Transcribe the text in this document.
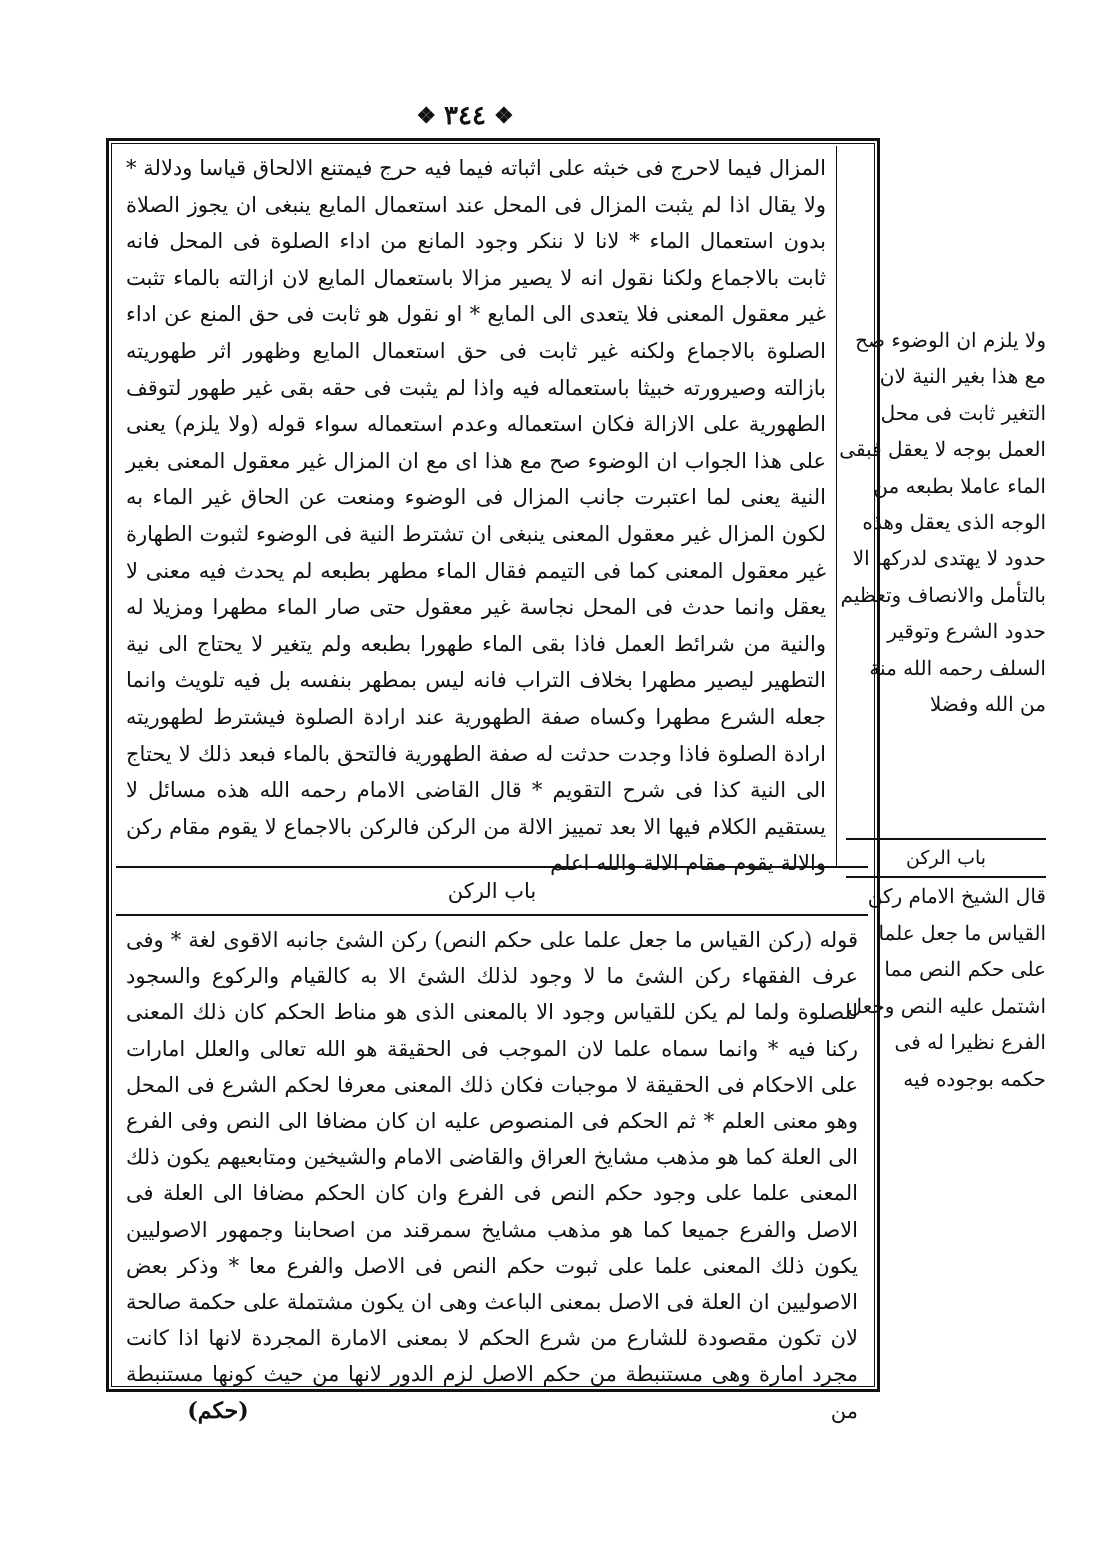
❖
٣٤٤
❖

المزال فيما لاحرج فى خبثه على اثباته فيما فيه حرج فيمتنع الالحاق قياسا ودلالة * ولا يقال اذا لم يثبت المزال فى المحل عند استعمال المايع ينبغى ان يجوز الصلاة بدون استعمال الماء * لانا لا ننكر وجود المانع من اداء الصلوة فى المحل فانه ثابت بالاجماع ولكنا نقول انه لا يصير مزالا باستعمال المايع لان ازالته بالماء تثبت غير معقول المعنى فلا يتعدى الى المايع * او نقول هو ثابت فى حق المنع عن اداء الصلوة بالاجماع ولكنه غير ثابت فى حق استعمال المايع وظهور اثر طهوريته بازالته وصيرورته خبيثا باستعماله فيه واذا لم يثبت فى حقه بقى غير طهور لتوقف الطهورية على الازالة فكان استعماله وعدم استعماله سواء قوله (ولا يلزم) يعنى على هذا الجواب ان الوضوء صح مع هذا اى مع ان المزال غير معقول المعنى بغير النية يعنى لما اعتبرت جانب المزال فى الوضوء ومنعت عن الحاق غير الماء به لكون المزال غير معقول المعنى ينبغى ان تشترط النية فى الوضوء لثبوت الطهارة غير معقول المعنى كما فى التيمم فقال الماء مطهر بطبعه لم يحدث فيه معنى لا يعقل وانما حدث فى المحل نجاسة غير معقول حتى صار الماء مطهرا ومزيلا له والنية من شرائط العمل فاذا بقى الماء طهورا بطبعه ولم يتغير لا يحتاج الى نية التطهير ليصير مطهرا بخلاف التراب فانه ليس بمطهر بنفسه بل فيه تلويث وانما جعله الشرع مطهرا وكساه صفة الطهورية عند ارادة الصلوة فيشترط لطهوريته ارادة الصلوة فاذا وجدت حدثت له صفة الطهورية فالتحق بالماء فبعد ذلك لا يحتاج الى النية كذا فى شرح التقويم * قال القاضى الامام رحمه الله هذه مسائل لا يستقيم الكلام فيها الا بعد تمييز الالة من الركن فالركن بالاجماع لا يقوم مقام ركن والالة يقوم مقام الالة والله اعلم

باب الركن

قوله (ركن القياس ما جعل علما على حكم النص) ركن الشئ جانبه الاقوى لغة * وفى عرف الفقهاء ركن الشئ ما لا وجود لذلك الشئ الا به كالقيام والركوع والسجود للصلوة ولما لم يكن للقياس وجود الا بالمعنى الذى هو مناط الحكم كان ذلك المعنى ركنا فيه * وانما سماه علما لان الموجب فى الحقيقة هو الله تعالى والعلل امارات على الاحكام فى الحقيقة لا موجبات فكان ذلك المعنى معرفا لحكم الشرع فى المحل وهو معنى العلم * ثم الحكم فى المنصوص عليه ان كان مضافا الى النص وفى الفرع الى العلة كما هو مذهب مشايخ العراق والقاضى الامام والشيخين ومتابعيهم يكون ذلك المعنى علما على وجود حكم النص فى الفرع وان كان الحكم مضافا الى العلة فى الاصل والفرع جميعا كما هو مذهب مشايخ سمرقند من اصحابنا وجمهور الاصوليين يكون ذلك المعنى علما على ثبوت حكم النص فى الاصل والفرع معا * وذكر بعض الاصوليين ان العلة فى الاصل بمعنى الباعث وهى ان يكون مشتملة على حكمة صالحة لان تكون مقصودة للشارع من شرع الحكم لا بمعنى الامارة المجردة لانها اذا كانت مجرد امارة وهى مستنبطة من حكم الاصل لزم الدور لانها من حيث كونها مستنبطة من

ولا يلزم ان الوضوء صح مع هذا بغير النية لان التغير ثابت فى محل العمل بوجه لا يعقل فبقى الماء عاملا بطبعه من الوجه الذى يعقل وهذه حدود لا يهتدى لدركها الا بالتأمل والانصاف وتعظيم حدود الشرع وتوقير السلف رحمه الله منة من الله وفضلا
باب الركن
قال الشيخ الامام ركن القياس ما جعل علما على حكم النص مما اشتمل عليه النص وجعل الفرع نظيرا له فى حكمه بوجوده فيه
(حكم)
